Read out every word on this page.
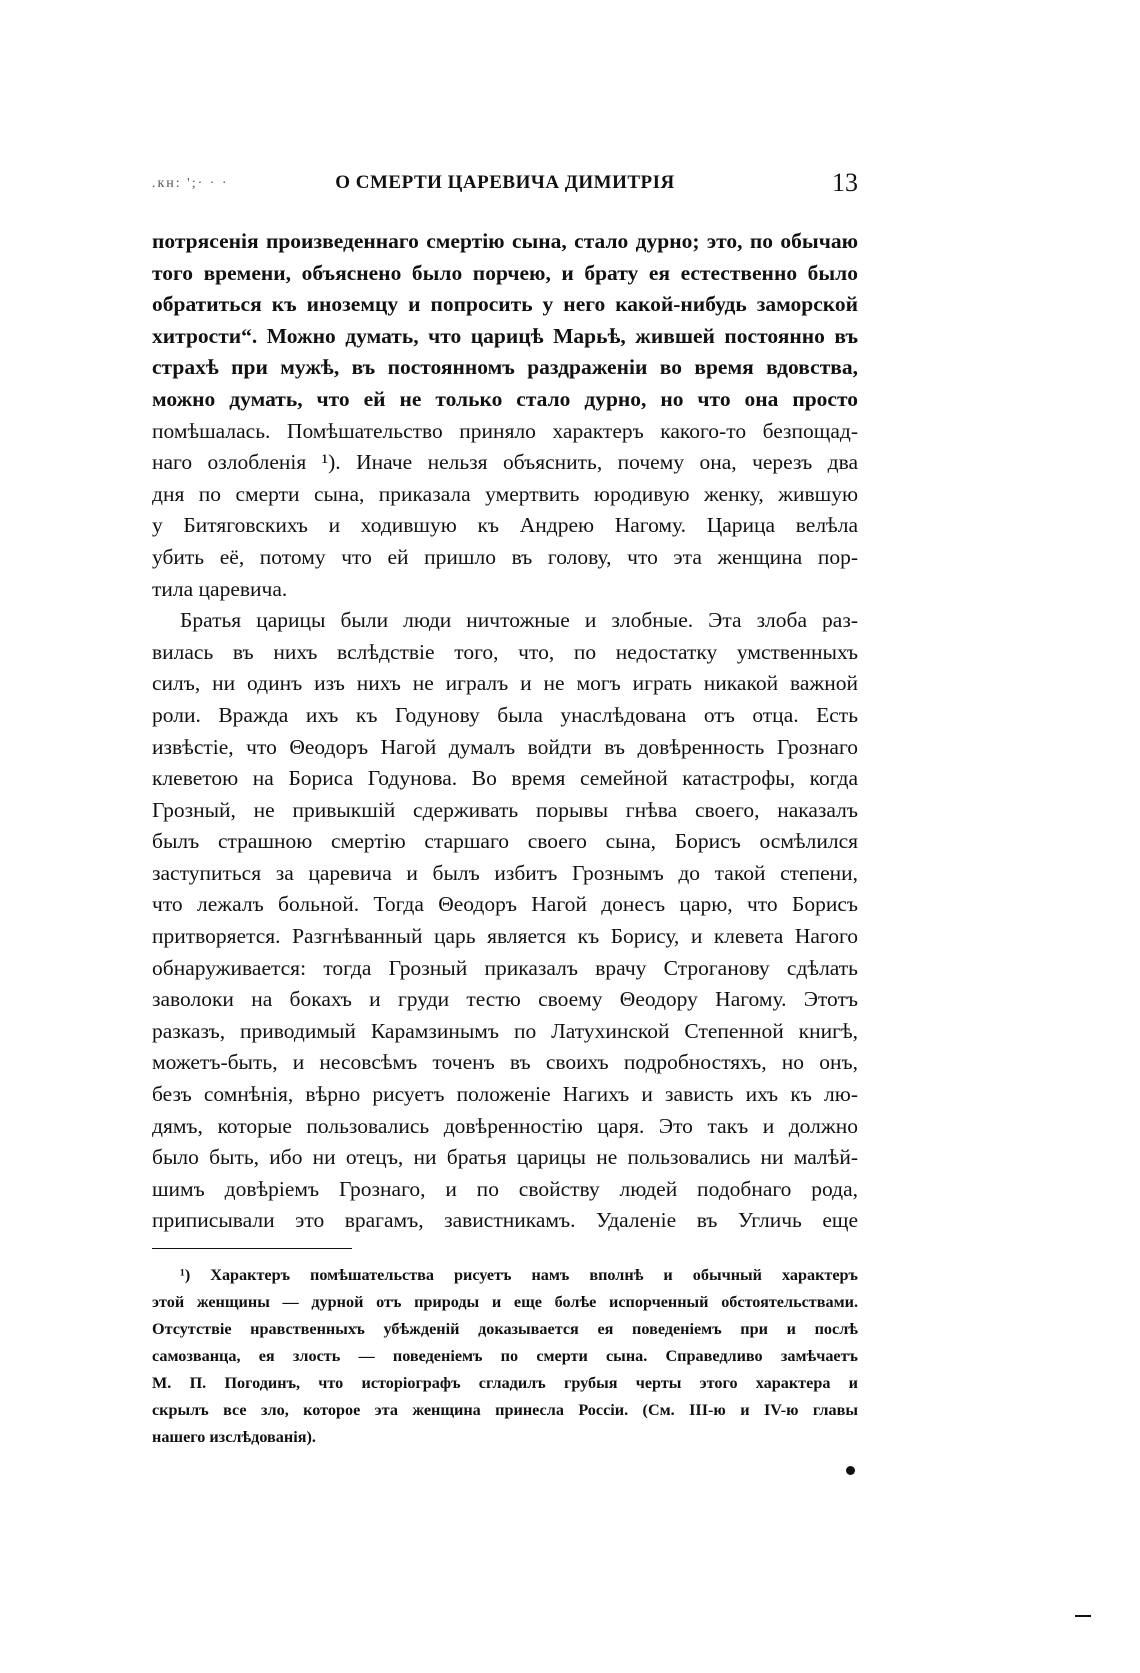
.кн: ';· · ·	О СМЕРТИ ЦАРЕВИЧА ДИМИТРІЯ	13
потрясенія произведеннаго смертію сына, стало дурно; это, по обычаю
того времени, объяснено было порчею, и брату ея естественно было
обратиться къ иноземцу и попросить у него какой-нибудь заморской
хитрости“. Можно думать, что царицѣ Марьѣ, жившей постоянно въ
страхѣ при мужѣ, въ постоянномъ раздраженіи во время вдовства,
можно думать, что ей не только стало дурно, но что она просто
помѣшалась. Помѣшательство приняло характеръ какого-то безпощад-
наго озлобленія ¹). Иначе нельзя объяснить, почему она, черезъ два
дня по смерти сына, приказала умертвить юродивую женку, жившую
у Битяговскихъ и ходившую къ Андрею Нагому. Царица велѣла
убить её, потому что ей пришло въ голову, что эта женщина пор-
тила царевича.
Братья царицы были люди ничтожные и злобные. Эта злоба раз-
вилась въ нихъ вслѣдствіе того, что, по недостатку умственныхъ
силъ, ни одинъ изъ нихъ не игралъ и не могъ играть никакой важной
роли. Вражда ихъ къ Годунову была унаслѣдована отъ отца. Есть
извѣстіе, что Θеодоръ Нагой думалъ войдти въ довѣренность Грознаго
клеветою на Бориса Годунова. Во время семейной катастрофы, когда
Грозный, не привыкшій сдерживать порывы гнѣва своего, наказалъ
былъ страшною смертію старшаго своего сына, Борисъ осмѣлился
заступиться за царевича и былъ избитъ Грознымъ до такой степени,
что лежалъ больной. Тогда Θеодоръ Нагой донесъ царю, что Борисъ
притворяется. Разгнѣванный царь является къ Борису, и клевета Нагого
обнаруживается: тогда Грозный приказалъ врачу Строганову сдѣлать
заволоки на бокахъ и груди тестю своему Θеодору Нагому. Этотъ
разказъ, приводимый Карамзинымъ по Латухинской Степенной книгѣ,
можетъ-быть, и несовсѣмъ точенъ въ своихъ подробностяхъ, но онъ,
безъ сомнѣнія, вѣрно рисуетъ положеніе Нагихъ и зависть ихъ къ лю-
дямъ, которые пользовались довѣренностію царя. Это такъ и должно
было быть, ибо ни отецъ, ни братья царицы не пользовались ни малѣй-
шимъ довѣріемъ Грознаго, и по свойству людей подобнаго рода,
приписывали это врагамъ, завистникамъ. Удаленіе въ Угличь еще
¹) Характеръ помѣшательства рисуетъ намъ вполнѣ и обычный характеръ
этой женщины — дурной отъ природы и еще болѣе испорченный обстоятельствами.
Отсутствіе нравственныхъ убѣжденій доказывается ея поведеніемъ при и послѣ
самозванца, ея злость — поведеніемъ по смерти сына. Справедливо замѣчаетъ
М. П. Погодинъ, что исторіографъ сгладилъ грубыя черты этого характера и
скрылъ все зло, которое эта женщина принесла Россіи. (См. III-ю и IV-ю главы
нашего изслѣдованія).
